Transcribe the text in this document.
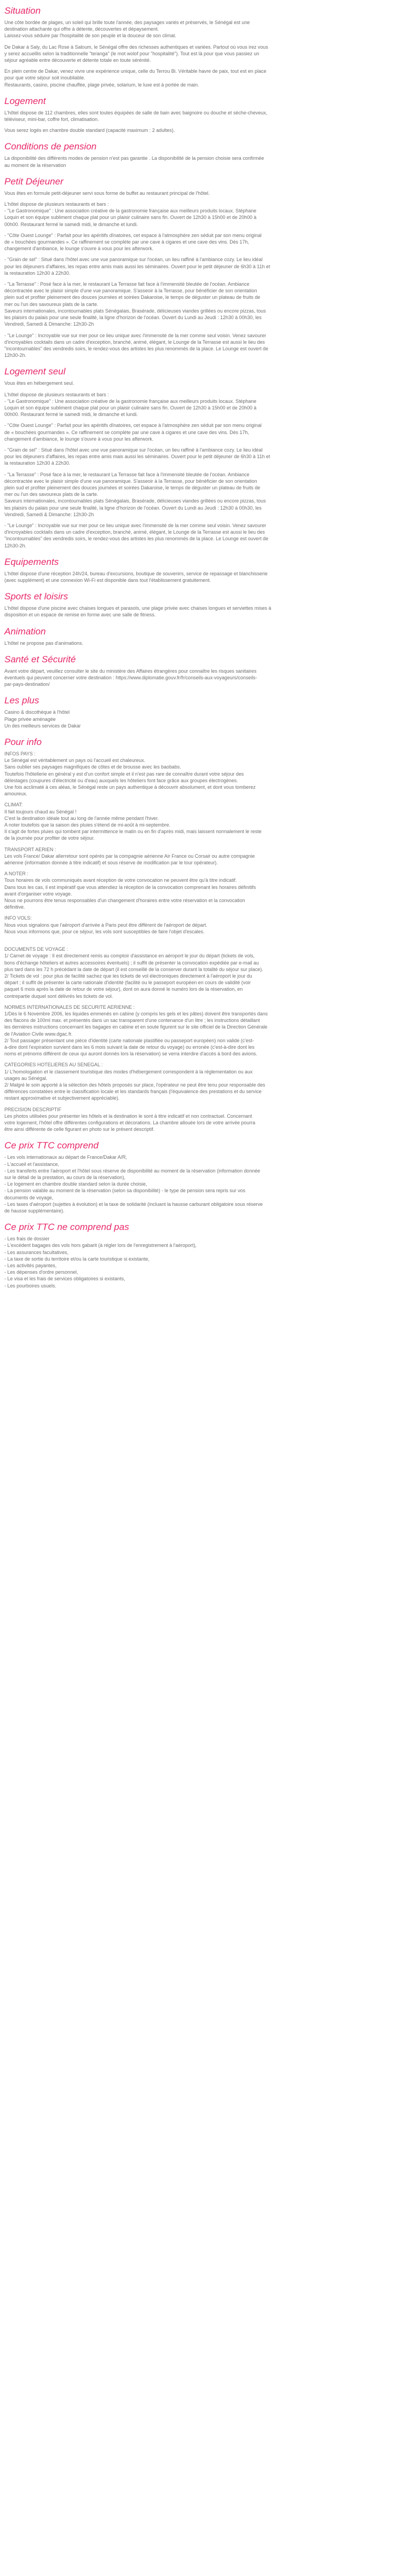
Situation

Une côte bordée de plages, un soleil qui brille toute l'année, des paysages variés et préservés, le Sénégal est une
destination attachante qui offre à détente, découvertes et dépaysement.
Laissez-vous séduire par l'hospitalité de son peuple et la douceur de son climat.

De Dakar à Saly, du Lac Rose à Saloum, le Sénégal offre des richesses authentiques et variées. Partout où vous irez vous
y serez accueillis selon la traditionnelle "teranga" (le mot wolof pour "hospitalité"). Tout est là pour que vous passiez un
séjour agréable entre découverte et détente totale en toute sérénité.

En plein centre de Dakar, venez vivre une expérience unique, celle du Terrou Bi. Véritable havre de paix, tout est en place
pour que votre séjour soit inoubliable.
Restaurants, casino, piscine chauffée, plage privée, solarium, le luxe est à portée de main.

Logement

L'hôtel dispose de 112 chambres, elles sont toutes équipées de salle de bain avec baignoire ou douche et sèche-cheveux,
téléviseur, mini-bar, coffre fort, climatisation.

Vous serez logés en chambre double standard (capacité maximum : 2 adultes).

Conditions de pension

La disponibilité des différents modes de pension n'est pas garantie . La disponibilité de la pension choisie sera confirmée
au moment de la réservation

Petit Déjeuner

Vous êtes en formule petit-déjeuner servi sous forme de buffet au restaurant principal de l'hôtel.

L'hôtel dispose de plusieurs restaurants et bars :
- "Le Gastronomique" : Une association créative de la gastronomie française aux meilleurs produits locaux. Stéphane
Loquin et son équipe subliment chaque plat pour un plaisir culinaire sans fin. Ouvert de 12h30 à 15h00 et de 20h00 à
00h00. Restaurant fermé le samedi midi, le dimanche et lundi.

- "Côte Ouest Lounge" : Parfait pour les apéritifs dînatoires, cet espace à l'atmosphère zen séduit par son menu original
de « bouchées gourmandes ». Ce raffinement se complète par une cave à cigares et une cave des vins. Dès 17h,
changement d'ambiance, le lounge s'ouvre à vous pour les afterwork.

- "Grain de sel" : Situé dans l'hôtel avec une vue panoramique sur l'océan, un lieu raffiné à l'ambiance cozy. Le lieu idéal
pour les déjeuners d'affaires, les repas entre amis mais aussi les séminaires. Ouvert pour le petit déjeuner de 6h30 à 11h et
la restauration 12h30 à 22h30.

- "La Terrasse" : Posé face à la mer, le restaurant La Terrasse fait face à l'immensité bleutée de l'océan. Ambiance
décontractée avec le plaisir simple d'une vue panoramique. S'asseoir à la Terrasse, pour bénéficier de son orientation
plein sud et profiter pleinement des douces journées et soirées Dakaroise, le temps de déguster un plateau de fruits de
mer ou l'un des savoureux plats de la carte.
Saveurs internationales, incontournables plats Sénégalais, Brasérade, délicieuses viandes grillées ou encore pizzas, tous
les plaisirs du palais pour une seule finalité, la ligne d'horizon de l'océan. Ouvert du Lundi au Jeudi : 12h30 à 00h30, les
Vendredi, Samedi & Dimanche: 12h30-2h

- "Le Lounge" : Incroyable vue sur mer pour ce lieu unique avec l'immensité de la mer comme seul voisin. Venez savourer
d'incroyables cocktails dans un cadre d'exception, branché, animé, élégant, le Lounge de la Terrasse est aussi le lieu des
"incontournables" des vendredis soirs, le rendez-vous des artistes les plus renommés de la place. Le Lounge est ouvert de
12h30-2h.

Logement seul

Vous êtes en hébergement seul.

L'hôtel dispose de plusieurs restaurants et bars :
- "Le Gastronomique" : Une association créative de la gastronomie française aux meilleurs produits locaux. Stéphane
Loquin et son équipe subliment chaque plat pour un plaisir culinaire sans fin. Ouvert de 12h30 à 15h00 et de 20h00 à
00h00. Restaurant fermé le samedi midi, le dimanche et lundi.

- "Côte Ouest Lounge" : Parfait pour les apéritifs dînatoires, cet espace à l'atmosphère zen séduit par son menu original
de « bouchées gourmandes ». Ce raffinement se complète par une cave à cigares et une cave des vins. Dès 17h,
changement d'ambiance, le lounge s'ouvre à vous pour les afterwork.

- "Grain de sel" : Situé dans l'hôtel avec une vue panoramique sur l'océan, un lieu raffiné à l'ambiance cozy. Le lieu idéal
pour les déjeuners d'affaires, les repas entre amis mais aussi les séminaires. Ouvert pour le petit déjeuner de 6h30 à 11h et
la restauration 12h30 à 22h30.

- "La Terrasse" : Posé face à la mer, le restaurant La Terrasse fait face à l'immensité bleutée de l'océan. Ambiance
décontractée avec le plaisir simple d'une vue panoramique. S'asseoir à la Terrasse, pour bénéficier de son orientation
plein sud et profiter pleinement des douces journées et soirées Dakaroise, le temps de déguster un plateau de fruits de
mer ou l'un des savoureux plats de la carte.
Saveurs internationales, incontournables plats Sénégalais, Brasérade, délicieuses viandes grillées ou encore pizzas, tous
les plaisirs du palais pour une seule finalité, la ligne d'horizon de l'océan. Ouvert du Lundi au Jeudi : 12h30 à 00h30, les
Vendredi, Samedi & Dimanche: 12h30-2h

- "Le Lounge" : Incroyable vue sur mer pour ce lieu unique avec l'immensité de la mer comme seul voisin. Venez savourer
d'incroyables cocktails dans un cadre d'exception, branché, animé, élégant, le Lounge de la Terrasse est aussi le lieu des
"incontournables" des vendredis soirs, le rendez-vous des artistes les plus renommés de la place. Le Lounge est ouvert de
12h30-2h.

Equipements

L'hôtel dispose d'une réception 24h/24, bureau d'excursions, boutique de souvenirs, service de repassage et blanchisserie
(avec supplément) et une connexion Wi-Fi est disponible dans tout l'établissement gratuitement.

Sports et loisirs

L'hôtel dispose d'une piscine avec chaises longues et parasols, une plage privée avec chaises longues et serviettes mises à
disposition et un espace de remise en forme avec une salle de fitness.

Animation

L'hôtel ne propose pas d'animations.

Santé et Sécurité

Avant votre départ, veuillez consulter le site du ministère des Affaires étrangères pour connaître les risques sanitaires
éventuels qui peuvent concerner votre destination : https://www.diplomatie.gouv.fr/fr/conseils-aux-voyageurs/conseils-
par-pays-destination/

Les plus

Casino & discothèque à l'hôtel
Plage privée aménagée
Un des meilleurs services de Dakar

Pour info

INFOS PAYS :
Le Sénégal est véritablement un pays où l'accueil est chaleureux.
Sans oublier ses paysages magnifiques de côtes et de brousse avec les baobabs.
Toutefois l'hôtellerie en général y est d'un confort simple et il n'est pas rare de connaître durant votre séjour des
délestages (coupures d'électricité ou d'eau) auxquels les hôteliers font face grâce aux groupes électrogènes.
Une fois acclimaté à ces aléas, le Sénégal reste un pays authentique à découvrir absolument, et dont vous tomberez
amoureux.

CLIMAT:
Il fait toujours chaud au Sénégal !
C'est la destination idéale tout au long de l'année même pendant l'hiver.
A noter toutefois que la saison des pluies s'étend de mi-août à mi-septembre.
Il s'agit de fortes pluies qui tombent par intermittence le matin ou en fin d'après midi, mais laissent normalement le reste
de la journée pour profiter de votre séjour.

TRANSPORT AERIEN :
Les vols France/ Dakar allerretour sont opérés par la compagnie aérienne Air France ou Corsair ou autre compagnie
aérienne (information donnée à titre indicatif) et sous réserve de modification par le tour opérateur).

A NOTER :
Tous horaires de vols communiqués avant réception de votre convocation ne peuvent être qu'à titre indicatif.
Dans tous les cas, il est impératif que vous attendiez la réception de la convocation comprenant les horaires définitifs
avant d'organiser votre voyage.
Nous ne pourrons être tenus responsables d'un changement d'horaires entre votre réservation et la convocation
définitive.

INFO VOLS:
Nous vous signalons que l'aéroport d'arrivée à Paris peut être différent de l'aéroport de départ.
Nous vous informons que, pour ce séjour, les vols sont susceptibles de faire l'objet d'escales.

DOCUMENTS DE VOYAGE :
1/ Carnet de voyage : Il est directement remis au comptoir d'assistance en aéroport le jour du départ (tickets de vols,
bons d'échange hôteliers et autres accessoires éventuels) ; il suffit de présenter la convocation expédiée par e-mail au
plus tard dans les 72 h précédant la date de départ (il est conseillé de la conserver durant la totalité du séjour sur place).
2/ Tickets de vol : pour plus de facilité sachez que les tickets de vol électroniques directement à l'aéroport le jour du
départ ; il suffit de présenter la carte nationale d'identité (facilité ou le passeport européen en cours de validité (voir
paquet 6 mois après la date de retour de votre séjour), dont on aura donné le numéro lors de la réservation, en
contrepartie duquel sont délivrés les tickets de vol.

NORMES INTERNATIONALES DE SECURITE AERIENNE :
1/Dès le 6 Novembre 2006, les liquides emmenés en cabine (y compris les gels et les pâtes) doivent être transportés dans
des flacons de 100ml max. et présentés dans un sac transparent d'une contenance d'un litre ; les instructions détaillant
les dernières instructions concernant les bagages en cabine et en soute figurent sur le site officiel de la Direction Générale
de l'Aviation Civile www.dgac.fr.
2/ Tout passager présentant une pièce d'identité (carte nationale plastifiée ou passeport européen) non valide (c'est-
à-dire dont l'expiration survient dans les 6 mois suivant la date de retour du voyage) ou erronée (c'est-à-dire dont les
noms et prénoms différent de ceux qui auront donnés lors la réservation) se verra interdire d'accès à bord des avions.

CATEGORIES HOTELIERES AU SENEGAL :
1/ L'homologation et le classement touristique des modes d'hébergement correspondent à la réglementation ou aux
usages au Sénégal.
2/ Malgré le soin apporté à la sélection des hôtels proposés sur place, l'opérateur ne peut être tenu pour responsable des
différences constatées entre le classification locale et les standards français (l'équivalence des prestations et du service
restant approximative et subjectivement appréciable).

PRECISION DESCRIPTIF
Les photos utilisées pour présenter les hôtels et la destination le sont à titre indicatif et non contractuel. Concernant
votre logement, l'hôtel offre différentes configurations et décorations. La chambre allouée lors de votre arrivée pourra
être ainsi différente de celle figurant en photo sur le présent descriptif.

Ce prix TTC comprend

- Les vols internationaux au départ de France/Dakar A/R,
- L'accueil et l'assistance,
- Les transferts entre l'aéroport et l'hôtel sous réserve de disponibilité au moment de la réservation (information donnée
sur le détail de la prestation, au cours de la réservation),
- Le logement en chambre double standard selon la durée choisie,
- La pension valable au moment de la réservation (selon sa disponibilité) - le type de pension sera repris sur vos
documents de voyage,
- Les taxes d'aéroport (sujettes à évolution) et la taxe de solidarité (incluant la hausse carburant obligatoire sous réserve
de hausse supplémentaire).

Ce prix TTC ne comprend pas

- Les frais de dossier
- L'excédent bagages des vols hors gabarit (à régler lors de l'enregistrement à l'aéroport),
- Les assurances facultatives,
- La taxe de sortie du territoire et/ou la carte touristique si existante,
- Les activités payantes,
- Les dépenses d'ordre personnel,
- Le visa et les frais de services obligatoires si existants,
- Les pourboires usuels.
